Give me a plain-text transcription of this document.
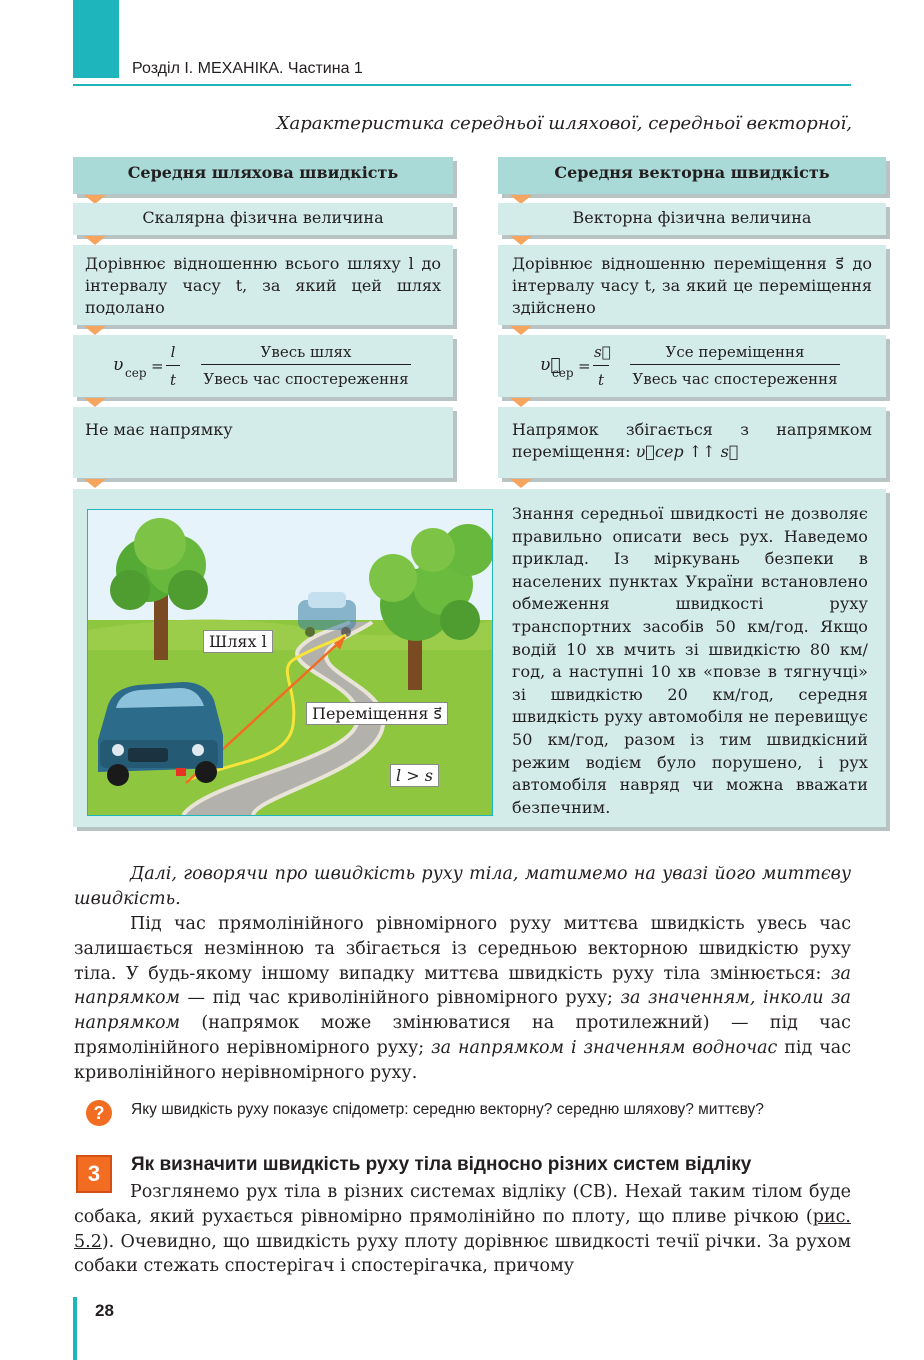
Розділ І. МЕХАНІКА. Частина 1
Характеристика середньої шляхової, середньої векторної,
Середня шляхова швидкість
Скалярна фізична величина
Дорівнює відношенню всього шляху l до інтервалу часу t, за який цей шлях подолано
υ сер =
l
t
Увесь шлях
Увесь час спостереження
Не має напрямку
Середня векторна швидкість
Векторна фізична величина
Дорівнює відношенню переміщення s⃗ до інтервалу часу t, за який це переміщення здійснено
υ⃗
сер =
s⃗
t
Усе переміщення
Увесь час спостереження
Напрямок збігається з напрямком переміщення: υ⃗сер ↑↑ s⃗
Шлях l
Переміщення s⃗
l > s
Знання середньої швидкості не дозволяє правильно описати весь рух. Наведемо приклад. Із міркувань безпеки в населених пунктах України встановлено обмеження швидкості руху транспортних засобів 50 км/год. Якщо водій 10 хв мчить зі швидкістю 80 км/год, а наступні 10 хв «повзе в тягнучці» зі швидкістю 20 км/год, середня швидкість руху автомобіля не перевищує 50 км/год, разом із тим швидкісний режим водієм було порушено, і рух автомобіля навряд чи можна вважати безпечним.
Далі, говорячи про швидкість руху тіла, матимемо на увазі його миттєву швидкість.
Під час прямолінійного рівномірного руху миттєва швидкість увесь час залишається незмінною та збігається із середньою векторною швидкістю руху тіла. У будь-якому іншому випадку миттєва швидкість руху тіла змінюється: за напрямком — під час криволінійного рівномірного руху; за значенням, інколи за напрямком (напрямок може змінюватися на протилежний) — під час прямолінійного нерівномірного руху; за напрямком і значенням водночас під час криволінійного нерівномірного руху.
?	Яку швидкість руху показує спідометр: середню векторну? середню шляхову? миттєву?
3	Як визначити швидкість руху тіла відносно різних систем відліку
Розглянемо рух тіла в різних системах відліку (СВ). Нехай таким тілом буде собака, який рухається рівномірно прямолінійно по плоту, що пливе річкою (рис. 5.2). Очевидно, що швидкість руху плоту дорівнює швидкості течії річки. За рухом собаки стежать спостерігач і спостерігачка, причому
28
